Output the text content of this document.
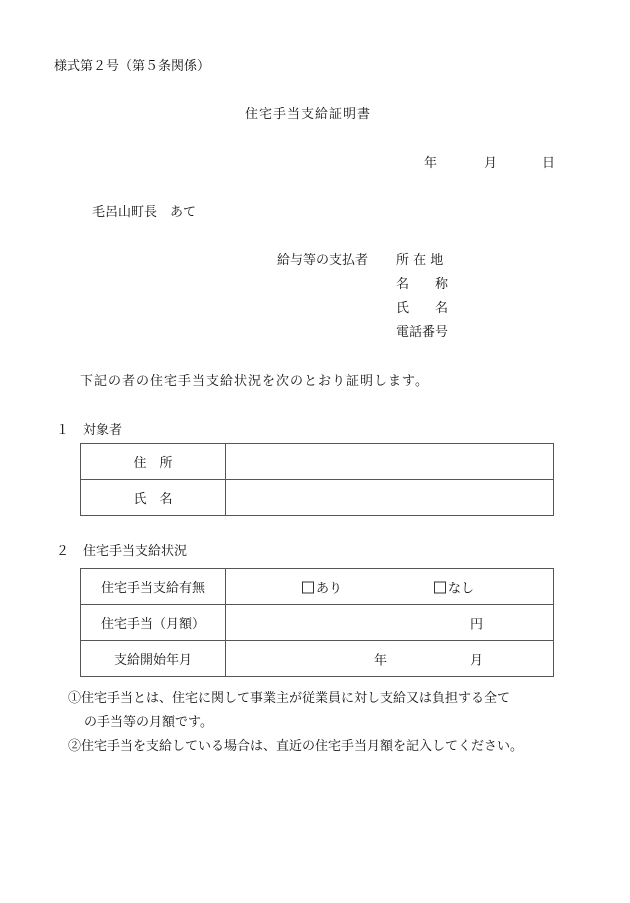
様式第２号（第５条関係）
住宅手当支給証明書
年	月	日
毛呂山町長　あて
給与等の支払者 所 在 地
名　　称
氏　　名
電話番号
下記の者の住宅手当支給状況を次のとおり証明します。
１ 対象者
住　所	
氏　名	
２ 住宅手当支給状況
住宅手当支給有無	あり なし

住宅手当（月額）	円

支給開始年月	年 月
①住宅手当とは、住宅に関して事業主が従業員に対し支給又は負担する全て
の手当等の月額です。
②住宅手当を支給している場合は、直近の住宅手当月額を記入してください。
